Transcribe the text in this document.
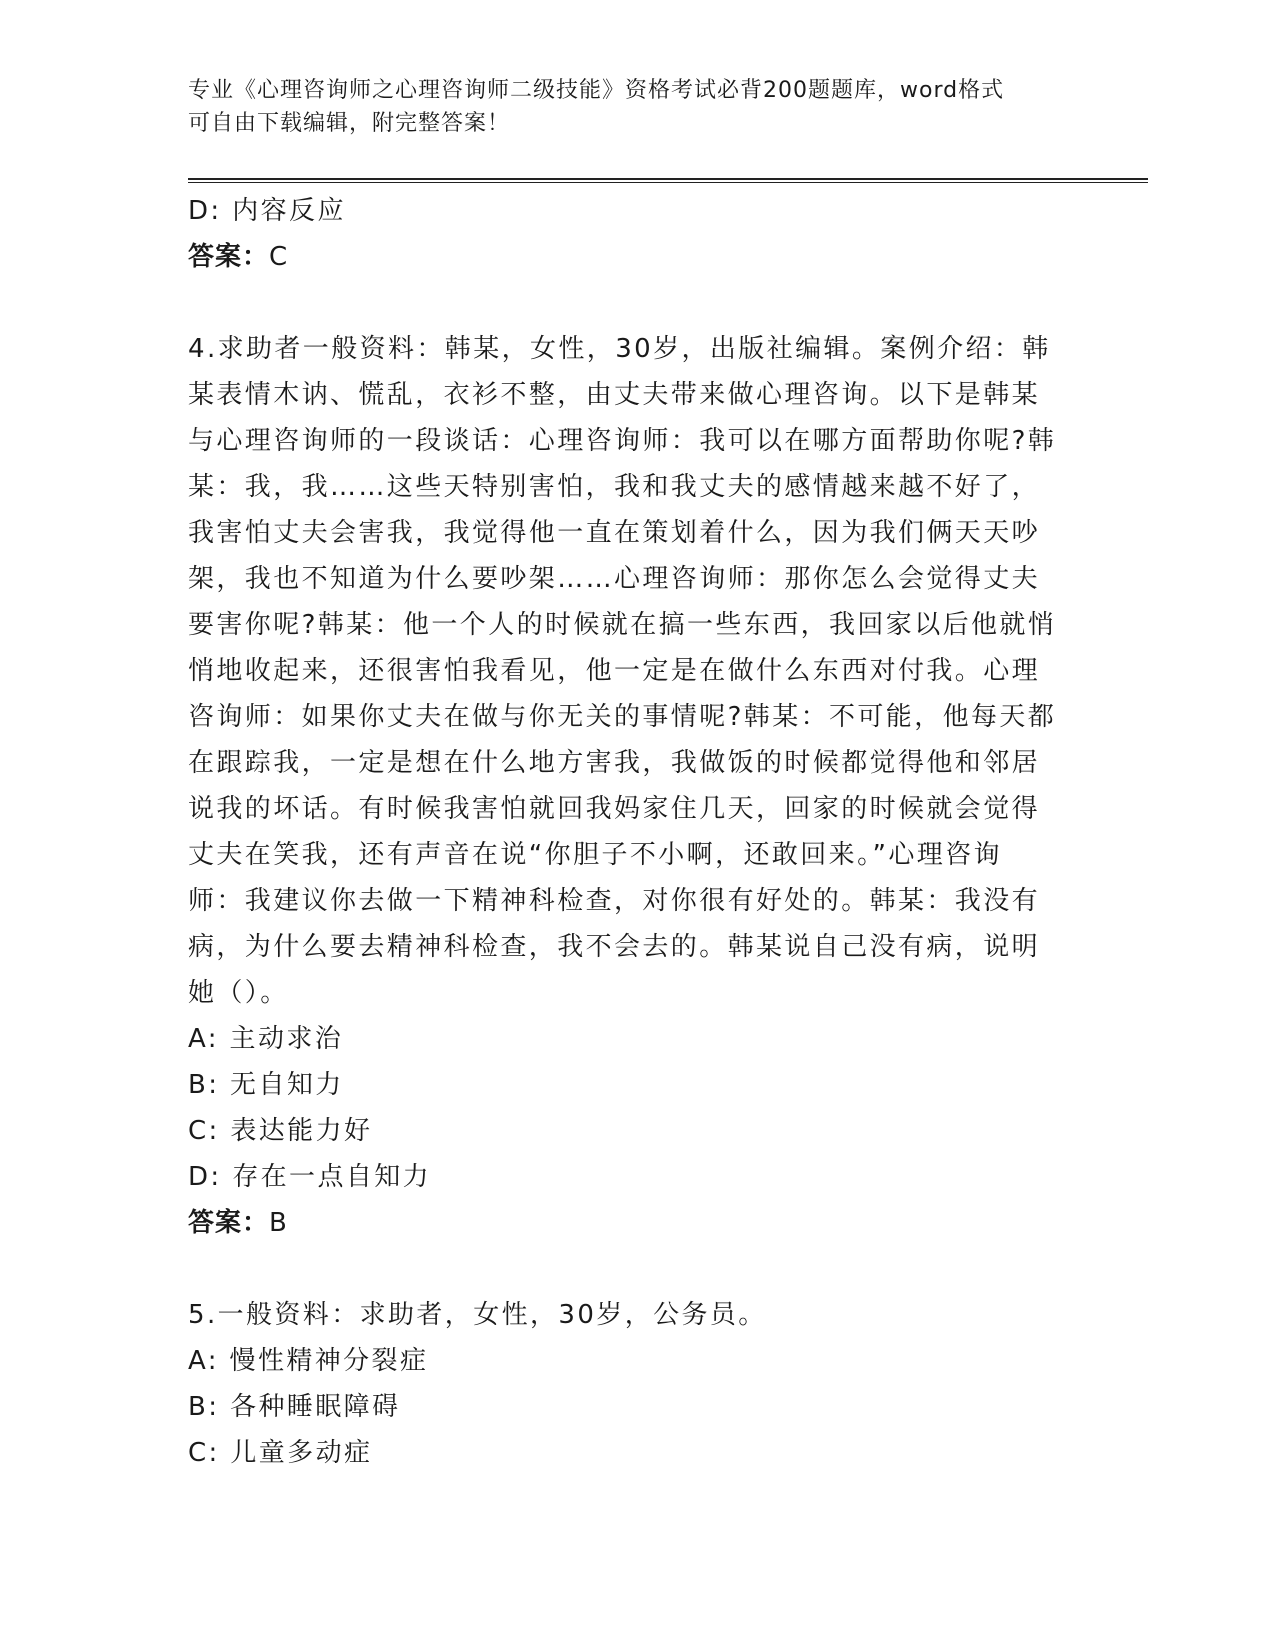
专业《心理咨询师之心理咨询师二级技能》资格考试必背200题题库，word格式
可自由下载编辑，附完整答案！
D: 内容反应
答案：C
4.求助者一般资料：韩某，女性，30岁，出版社编辑。案例介绍：韩
某表情木讷、慌乱，衣衫不整，由丈夫带来做心理咨询。以下是韩某
与心理咨询师的一段谈话：心理咨询师：我可以在哪方面帮助你呢?韩
某：我，我……这些天特别害怕，我和我丈夫的感情越来越不好了，
我害怕丈夫会害我，我觉得他一直在策划着什么，因为我们俩天天吵
架，我也不知道为什么要吵架……心理咨询师：那你怎么会觉得丈夫
要害你呢?韩某：他一个人的时候就在搞一些东西，我回家以后他就悄
悄地收起来，还很害怕我看见，他一定是在做什么东西对付我。心理
咨询师：如果你丈夫在做与你无关的事情呢?韩某：不可能，他每天都
在跟踪我，一定是想在什么地方害我，我做饭的时候都觉得他和邻居
说我的坏话。有时候我害怕就回我妈家住几天，回家的时候就会觉得
丈夫在笑我，还有声音在说“你胆子不小啊，还敢回来。”心理咨询
师：我建议你去做一下精神科检查，对你很有好处的。韩某：我没有
病，为什么要去精神科检查，我不会去的。韩某说自己没有病，说明
她（）。
A: 主动求治
B: 无自知力
C: 表达能力好
D: 存在一点自知力
答案：B
5.一般资料：求助者，女性，30岁，公务员。
A: 慢性精神分裂症
B: 各种睡眠障碍
C: 儿童多动症
